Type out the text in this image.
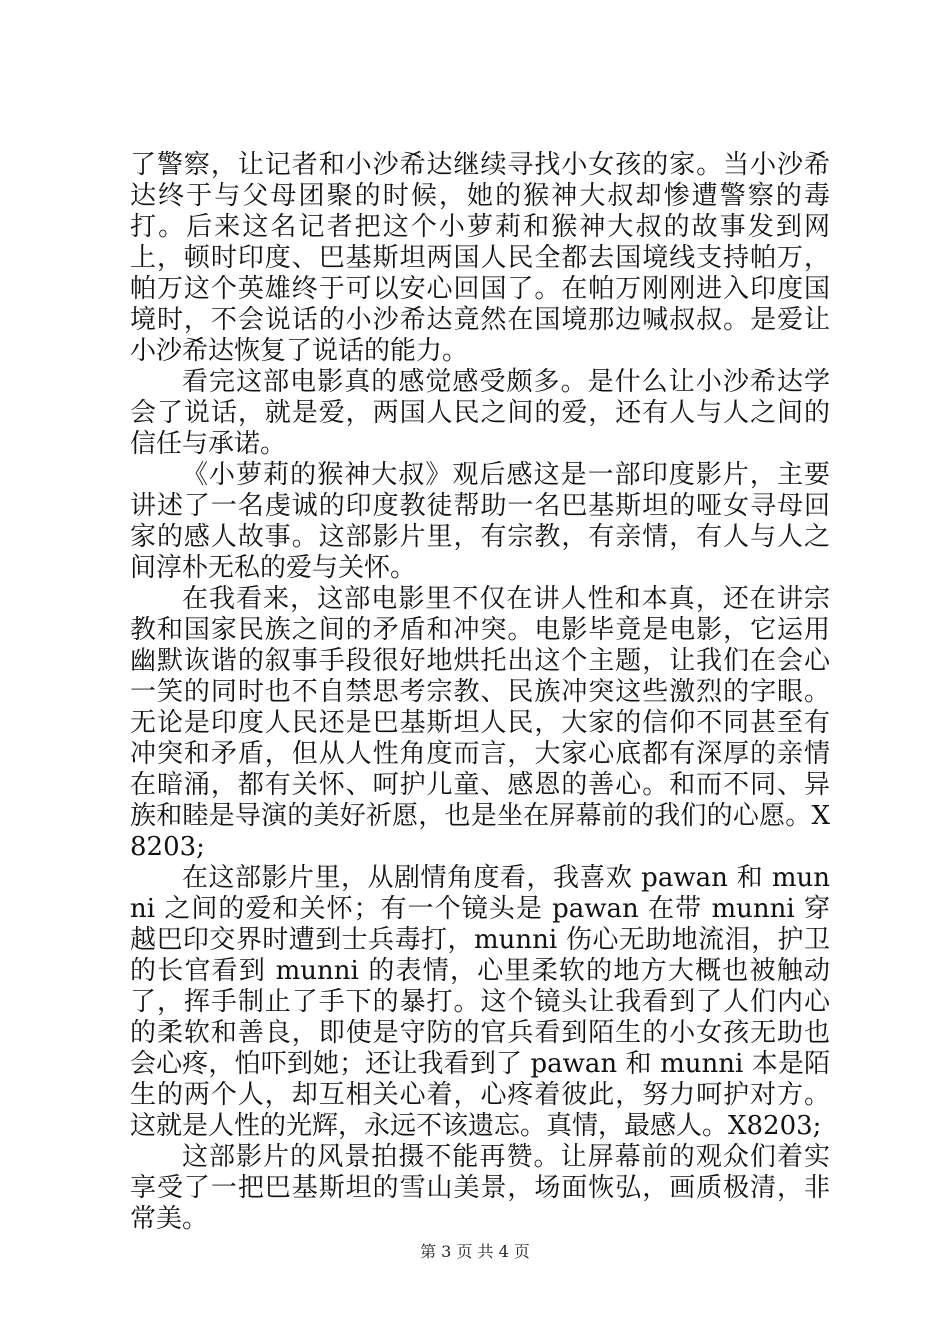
了警察，让记者和小沙希达继续寻找小女孩的家。当小沙希达终于与父母团聚的时候，她的猴神大叔却惨遭警察的毒打。后来这名记者把这个小萝莉和猴神大叔的故事发到网上，顿时印度、巴基斯坦两国人民全都去国境线支持帕万，帕万这个英雄终于可以安心回国了。在帕万刚刚进入印度国境时，不会说话的小沙希达竟然在国境那边喊叔叔。是爱让小沙希达恢复了说话的能力。

看完这部电影真的感觉感受颇多。是什么让小沙希达学会了说话，就是爱，两国人民之间的爱，还有人与人之间的信任与承诺。

《小萝莉的猴神大叔》观后感这是一部印度影片，主要讲述了一名虔诚的印度教徒帮助一名巴基斯坦的哑女寻母回家的感人故事。这部影片里，有宗教，有亲情，有人与人之间淳朴无私的爱与关怀。

在我看来，这部电影里不仅在讲人性和本真，还在讲宗教和国家民族之间的矛盾和冲突。电影毕竟是电影，它运用幽默诙谐的叙事手段很好地烘托出这个主题，让我们在会心一笑的同时也不自禁思考宗教、民族冲突这些激烈的字眼。无论是印度人民还是巴基斯坦人民，大家的信仰不同甚至有冲突和矛盾，但从人性角度而言，大家心底都有深厚的亲情在暗涌，都有关怀、呵护儿童、感恩的善心。和而不同、异族和睦是导演的美好祈愿，也是坐在屏幕前的我们的心愿。X8203;

在这部影片里，从剧情角度看，我喜欢 pawan 和 munni 之间的爱和关怀；有一个镜头是 pawan 在带 munni 穿越巴印交界时遭到士兵毒打，munni 伤心无助地流泪，护卫的长官看到 munni 的表情，心里柔软的地方大概也被触动了，挥手制止了手下的暴打。这个镜头让我看到了人们内心的柔软和善良，即使是守防的官兵看到陌生的小女孩无助也会心疼，怕吓到她；还让我看到了 pawan 和 munni 本是陌生的两个人，却互相关心着，心疼着彼此，努力呵护对方。这就是人性的光辉，永远不该遗忘。真情，最感人。X8203;

这部影片的风景拍摄不能再赞。让屏幕前的观众们着实享受了一把巴基斯坦的雪山美景，场面恢弘，画质极清，非常美。

第 3 页 共 4 页
